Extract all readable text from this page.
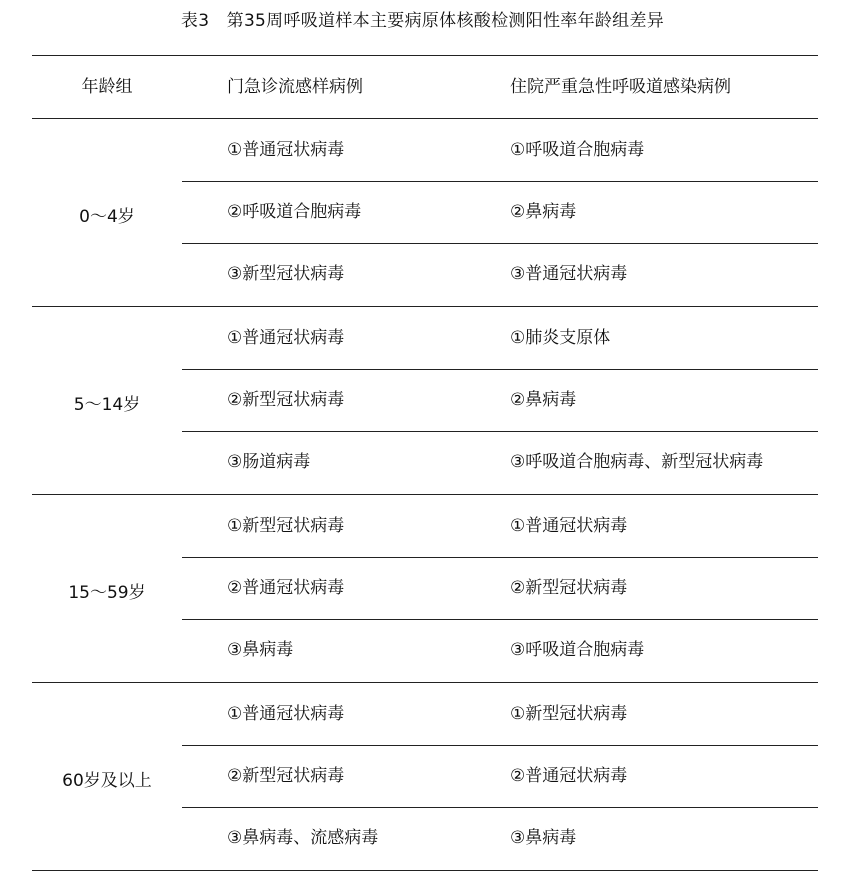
表3　第35周呼吸道样本主要病原体核酸检测阳性率年龄组差异
年龄组	门急诊流感样病例	住院严重急性呼吸道感染病例
0～4岁
①普通冠状病毒	①呼吸道合胞病毒
②呼吸道合胞病毒	②鼻病毒
③新型冠状病毒	③普通冠状病毒
5～14岁
①普通冠状病毒	①肺炎支原体
②新型冠状病毒	②鼻病毒
③肠道病毒	③呼吸道合胞病毒、新型冠状病毒
15～59岁
①新型冠状病毒	①普通冠状病毒
②普通冠状病毒	②新型冠状病毒
③鼻病毒	③呼吸道合胞病毒
60岁及以上
①普通冠状病毒	①新型冠状病毒
②新型冠状病毒	②普通冠状病毒
③鼻病毒、流感病毒	③鼻病毒
